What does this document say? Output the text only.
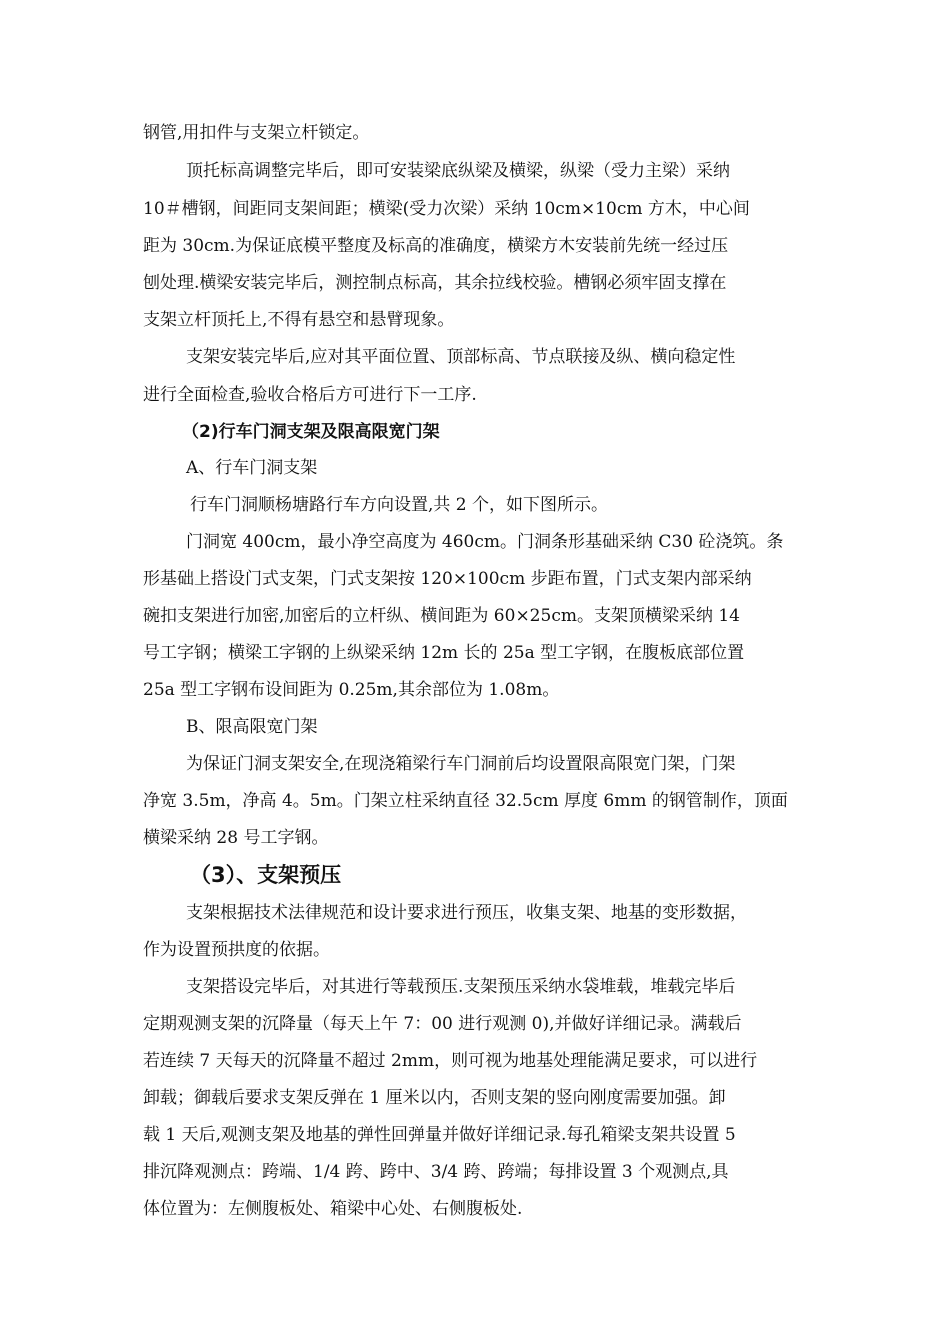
钢管,用扣件与支架立杆锁定。
顶托标高调整完毕后，即可安装梁底纵梁及横梁，纵梁（受力主梁）采纳
10＃槽钢，间距同支架间距；横梁(受力次梁）采纳 10cm×10cm 方木，中心间
距为 30cm.为保证底模平整度及标高的准确度，横梁方木安装前先统一经过压
刨处理.横梁安装完毕后，测控制点标高，其余拉线校验。槽钢必须牢固支撑在
支架立杆顶托上,不得有悬空和悬臂现象。
支架安装完毕后,应对其平面位置、顶部标高、节点联接及纵、横向稳定性
进行全面检查,验收合格后方可进行下一工序.
（2)行车门洞支架及限高限宽门架
A、行车门洞支架
行车门洞顺杨塘路行车方向设置,共 2 个，如下图所示。
门洞宽 400cm，最小净空高度为 460cm。门洞条形基础采纳 C30 砼浇筑。条
形基础上搭设门式支架，门式支架按 120×100cm 步距布置，门式支架内部采纳
碗扣支架进行加密,加密后的立杆纵、横间距为 60×25cm。支架顶横梁采纳 14
号工字钢；横梁工字钢的上纵梁采纳 12m 长的 25a 型工字钢，在腹板底部位置
25a 型工字钢布设间距为 0.25m,其余部位为 1.08m。
B、限高限宽门架
为保证门洞支架安全,在现浇箱梁行车门洞前后均设置限高限宽门架，门架
净宽 3.5m，净高 4。5m。门架立柱采纳直径 32.5cm 厚度 6mm 的钢管制作，顶面
横梁采纳 28 号工字钢。
（3）、支架预压
支架根据技术法律规范和设计要求进行预压，收集支架、地基的变形数据，
作为设置预拱度的依据。
支架搭设完毕后，对其进行等载预压.支架预压采纳水袋堆载，堆载完毕后
定期观测支架的沉降量（每天上午 7：00 进行观测 0),并做好详细记录。满载后
若连续 7 天每天的沉降量不超过 2mm，则可视为地基处理能满足要求，可以进行
卸载；御载后要求支架反弹在 1 厘米以内，否则支架的竖向刚度需要加强。卸
载 1 天后,观测支架及地基的弹性回弹量并做好详细记录.每孔箱梁支架共设置 5
排沉降观测点：跨端、1/4 跨、跨中、3/4 跨、跨端；每排设置 3 个观测点,具
体位置为：左侧腹板处、箱梁中心处、右侧腹板处.
